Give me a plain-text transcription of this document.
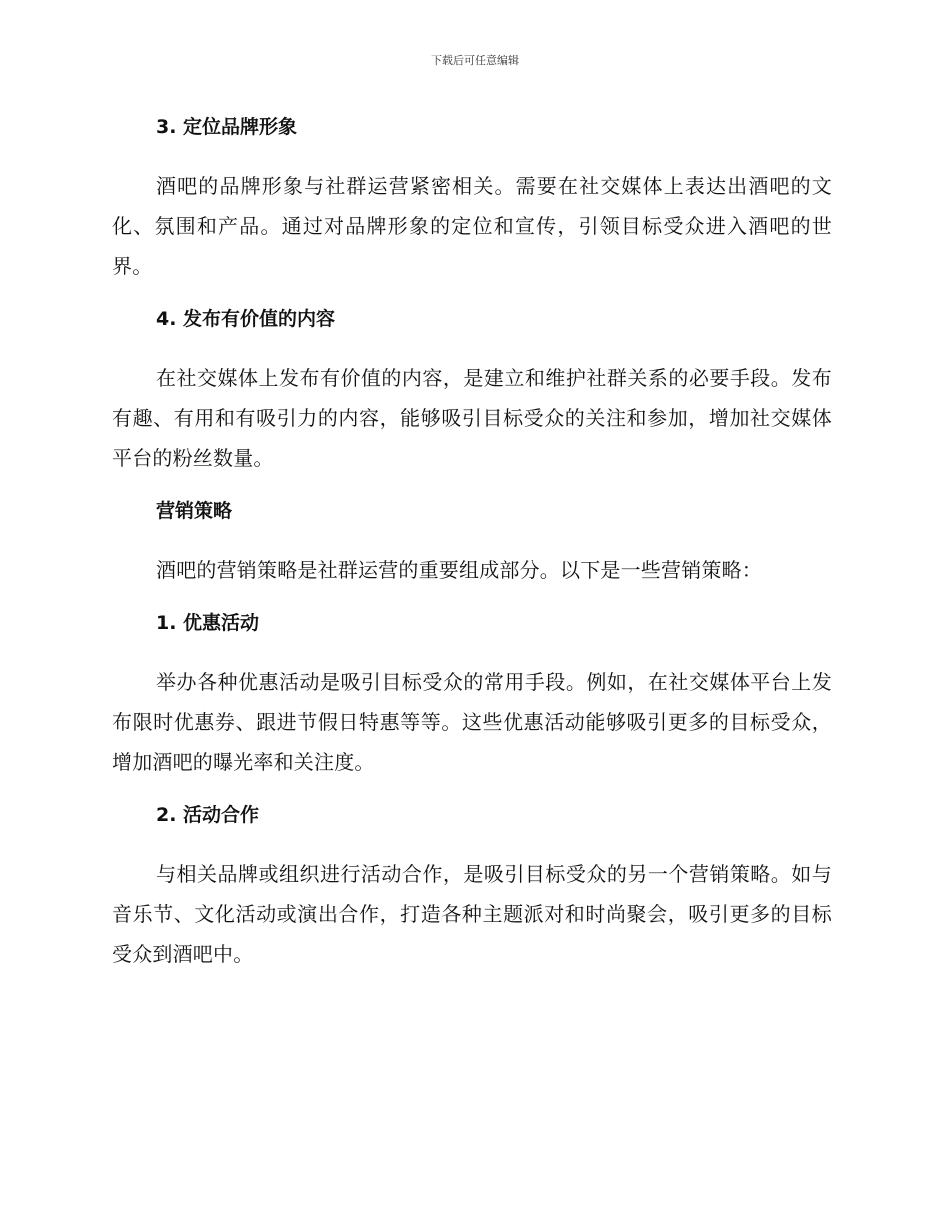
下载后可任意编辑
3. 定位品牌形象

酒吧的品牌形象与社群运营紧密相关。需要在社交媒体上表达出酒吧的文化、氛围和产品。通过对品牌形象的定位和宣传，引领目标受众进入酒吧的世界。

4. 发布有价值的内容

在社交媒体上发布有价值的内容，是建立和维护社群关系的必要手段。发布有趣、有用和有吸引力的内容，能够吸引目标受众的关注和参加，增加社交媒体平台的粉丝数量。

营销策略

酒吧的营销策略是社群运营的重要组成部分。以下是一些营销策略：

1. 优惠活动

举办各种优惠活动是吸引目标受众的常用手段。例如，在社交媒体平台上发布限时优惠券、跟进节假日特惠等等。这些优惠活动能够吸引更多的目标受众，增加酒吧的曝光率和关注度。

2. 活动合作

与相关品牌或组织进行活动合作，是吸引目标受众的另一个营销策略。如与音乐节、文化活动或演出合作，打造各种主题派对和时尚聚会，吸引更多的目标受众到酒吧中。
